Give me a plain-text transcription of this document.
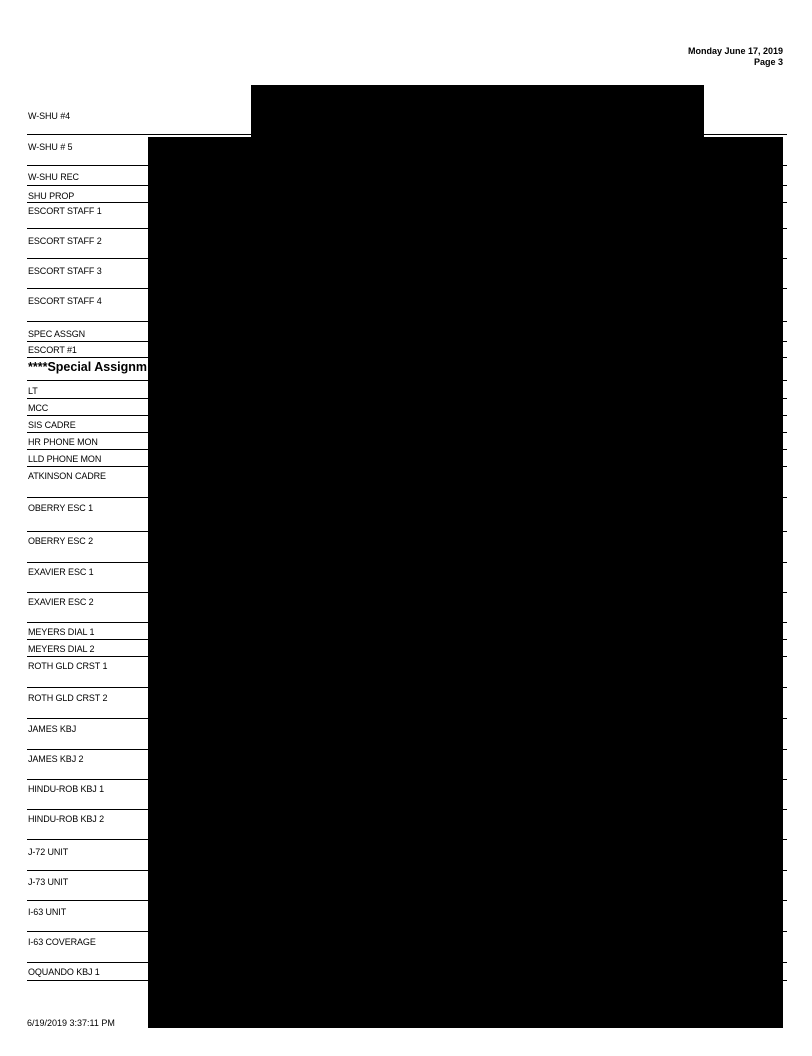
Monday June 17, 2019
Page 3
W-SHU #4
W-SHU # 5
W-SHU REC
SHU PROP
ESCORT STAFF 1
ESCORT STAFF 2
ESCORT STAFF 3
ESCORT STAFF 4
SPEC ASSGN
ESCORT #1
****Special Assignm
LT
MCC
SIS CADRE
HR PHONE MON
LLD PHONE MON
ATKINSON CADRE
OBERRY ESC 1
OBERRY ESC 2
EXAVIER ESC 1
EXAVIER ESC 2
MEYERS DIAL 1
MEYERS DIAL 2
ROTH GLD CRST 1
ROTH GLD CRST 2
JAMES KBJ
JAMES KBJ 2
HINDU-ROB KBJ 1
HINDU-ROB KBJ 2
J-72 UNIT
J-73 UNIT
I-63 UNIT
I-63 COVERAGE
OQUANDO KBJ 1
6/19/2019 3:37:11 PM
